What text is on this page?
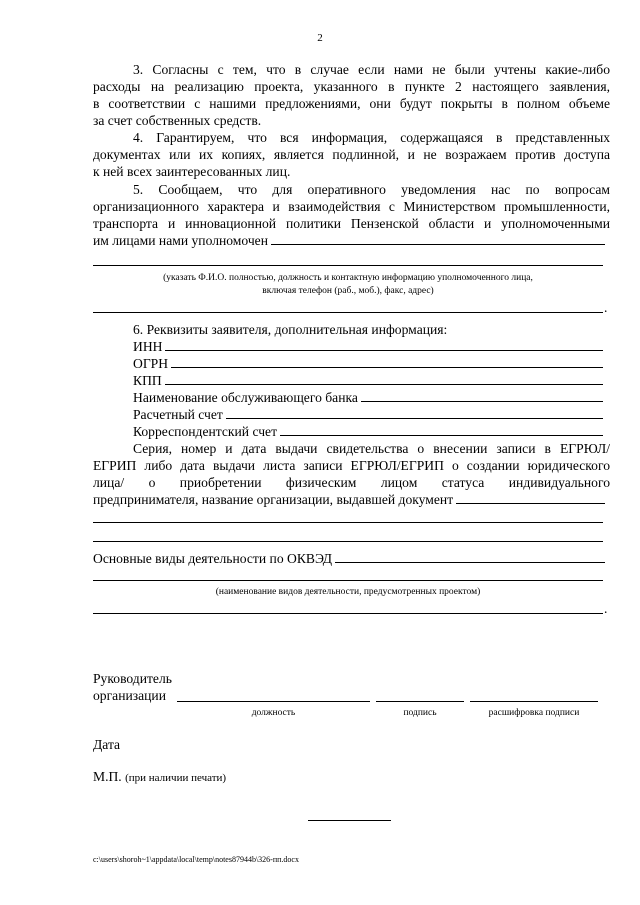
2
3. Согласны с тем, что в случае если нами не были учтены какие-либо
расходы на реализацию проекта, указанного в пункте 2 настоящего заявления,
в соответствии с нашими предложениями, они будут покрыты в полном объеме
за счет собственных средств.
4. Гарантируем, что вся информация, содержащаяся в представленных
документах или их копиях, является подлинной, и не возражаем против доступа
к ней всех заинтересованных лиц.
5. Сообщаем, что для оперативного уведомления нас по вопросам
организационного характера и взаимодействия с Министерством промышленности,
транспорта и инновационной политики Пензенской области и уполномоченными
им лицами нами уполномочен
(указать Ф.И.О. полностью, должность и контактную информацию уполномоченного лица,
включая телефон (раб., моб.), факс, адрес)
.
6. Реквизиты заявителя, дополнительная информация:
ИНН
ОГРН
КПП
Наименование обслуживающего банка
Расчетный счет
Корреспондентский счет
Серия, номер и дата выдачи свидетельства о внесении записи в ЕГРЮЛ/
ЕГРИП либо дата выдачи листа записи ЕГРЮЛ/ЕГРИП о создании юридического
лица/ о приобретении физическим лицом статуса индивидуального
предпринимателя, название организации, выдавшей документ
Основные виды деятельности по ОКВЭД
(наименование видов деятельности, предусмотренных проектом)
.
Руководитель
организации
должность	подпись	расшифровка подписи
Дата
М.П. (при наличии печати)
c:\users\shoroh~1\appdata\local\temp\notes87944b\326-пп.docx
